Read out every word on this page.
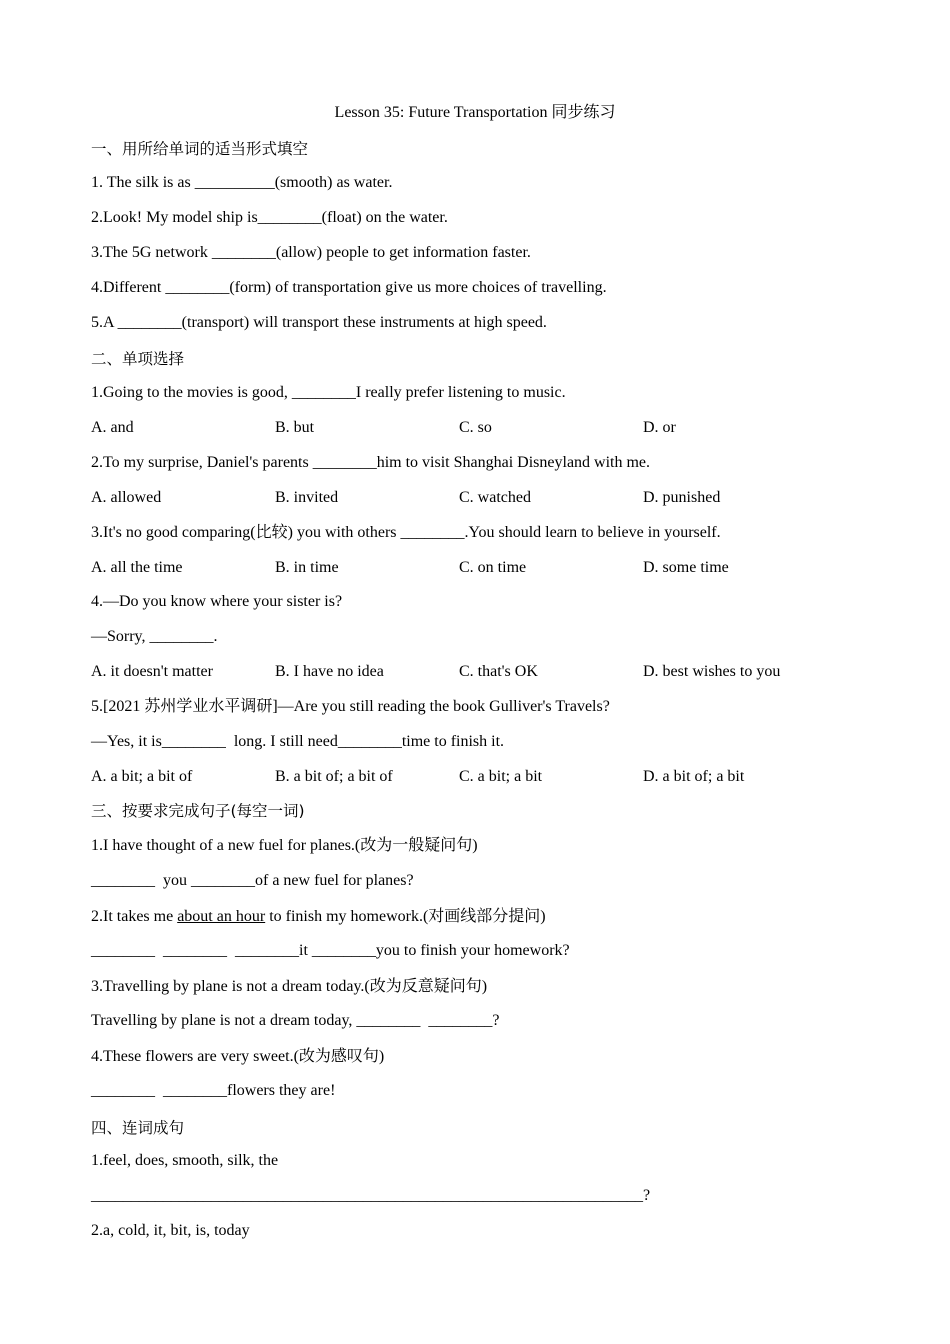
Lesson 35: Future Transportation 同步练习
一、用所给单词的适当形式填空
1. The silk is as __________(smooth) as water.
2.Look! My model ship is________(float) on the water.
3.The 5G network ________(allow) people to get information faster.
4.Different ________(form) of transportation give us more choices of travelling.
5.A ________(transport) will transport these instruments at high speed.
二、单项选择
1.Going to the movies is good, ________I really prefer listening to music.
A. and	B. but	C. so	D. or
2.To my surprise, Daniel's parents ________him to visit Shanghai Disneyland with me.
A. allowed	B. invited	C. watched	D. punished
3.It's no good comparing(比较) you with others ________.You should learn to believe in yourself.
A. all the time	B. in time	C. on time	D. some time
4.—Do you know where your sister is?
—Sorry, ________.
A. it doesn't matter	B. I have no idea	C. that's OK	D. best wishes to you
5.[2021 苏州学业水平调研]—Are you still reading the book Gulliver's Travels?
—Yes, it is________  long. I still need________time to finish it.
A. a bit; a bit of	B. a bit of; a bit of	C. a bit; a bit	D. a bit of; a bit
三、按要求完成句子(每空一词)
1.I have thought of a new fuel for planes.(改为一般疑问句)
________  you ________of a new fuel for planes?
2.It takes me about an hour to finish my homework.(对画线部分提问)
________  ________  ________it ________you to finish your homework?
3.Travelling by plane is not a dream today.(改为反意疑问句)
Travelling by plane is not a dream today, ________  ________?
4.These flowers are very sweet.(改为感叹句)
________  ________flowers they are!
四、连词成句
1.feel, does, smooth, silk, the
_____________________________________________________________________?
2.a, cold, it, bit, is, today
